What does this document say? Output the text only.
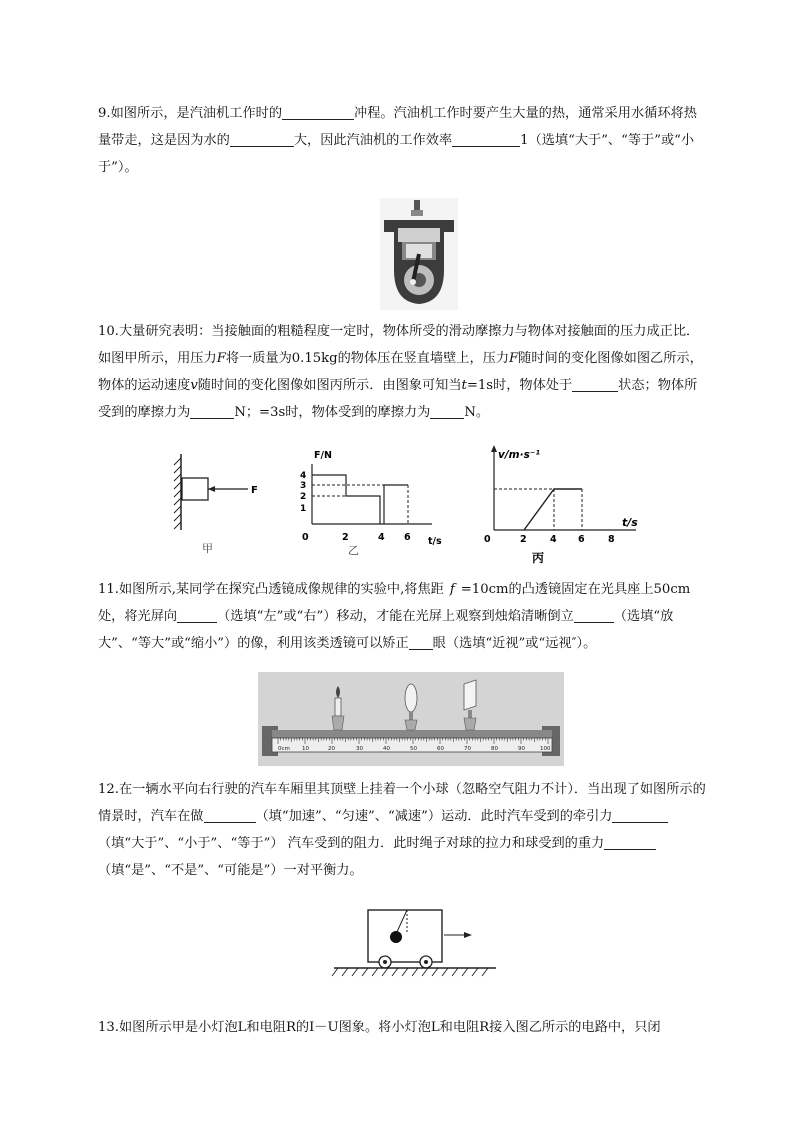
9.如图所示，是汽油机工作时的	冲程。汽油机工作时要产生大量的热，通常采用水循环将热量带走，这是因为水的	大，因此汽油机的工作效率	1（选填“大于”、“等于”或“小于”）。
10.大量研究表明：当接触面的粗糙程度一定时，物体所受的滑动摩擦力与物体对接触面的压力成正比．如图甲所示，用压力F将一质量为0.15kg的物体压在竖直墙壁上，压力F随时间的变化图像如图乙所示，物体的运动速度v随时间的变化图像如图丙所示．由图象可知当t=1s时，物体处于	状态；物体所受到的摩擦力为	N；=3s时，物体受到的摩擦力为	N。
F
甲
F/N
4
3
2
1
0	2	4 6 t/s
乙
v/m·s⁻¹
t/s
0	2 4 6 8
丙
11.如图所示,某同学在探究凸透镜成像规律的实验中,将焦距 f =10cm的凸透镜固定在光具座上50cm处，将光屏向	（选填“左”或“右”）移动，才能在光屏上观察到烛焰清晰倒立	（选填“放大”、“等大”或“缩小”）的像，利用该类透镜可以矫正 眼（选填“近视”或“远视″）。
0cm 10	20	30	40	50	60	70	80	90	100
12.在一辆水平向右行驶的汽车车厢里其顶壁上挂着一个小球（忽略空气阻力不计）．当出现了如图所示的情景时，汽车在做	（填“加速”、“匀速”、“减速”）运动．此时汽车受到的牵引力（填“大于”、“小于”、“等于”） 汽车受到的阻力．此时绳子对球的拉力和球受到的重力（填“是”、“不是”、“可能是”）一对平衡力。
13.如图所示甲是小灯泡L和电阻R的I－U图象。将小灯泡L和电阻R接入图乙所示的电路中，只闭
